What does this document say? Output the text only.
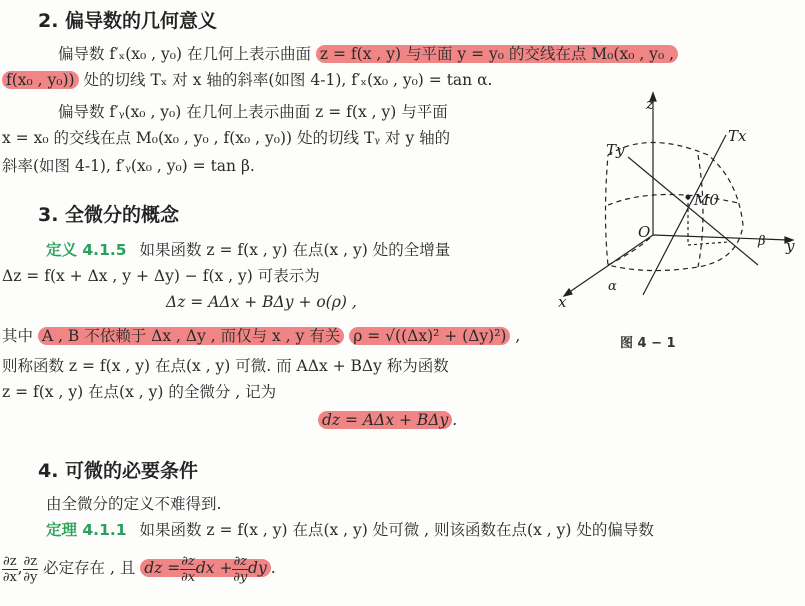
2. 偏导数的几何意义
偏导数 f′ₓ(x₀ , y₀) 在几何上表示曲面 z = f(x , y) 与平面 y = y₀ 的交线在点 M₀(x₀ , y₀ ,
f(x₀ , y₀)) 处的切线 Tₓ 对 x 轴的斜率(如图 4-1), f′ₓ(x₀ , y₀) = tan α.
偏导数 f′ᵧ(x₀ , y₀) 在几何上表示曲面 z = f(x , y) 与平面
x = x₀ 的交线在点 M₀(x₀ , y₀ , f(x₀ , y₀)) 处的切线 Tᵧ 对 y 轴的
斜率(如图 4-1), f′ᵧ(x₀ , y₀) = tan β.
3. 全微分的概念
定义 4.1.5 如果函数 z = f(x , y) 在点(x , y) 处的全增量
Δz = f(x + Δx , y + Δy) − f(x , y) 可表示为
Δz = AΔx + BΔy + o(ρ) ,
其中 A , B 不依赖于 Δx , Δy , 而仅与 x , y 有关 ρ = √((Δx)² + (Δy)²) ,
则称函数 z = f(x , y) 在点(x , y) 可微. 而 AΔx + BΔy 称为函数
z = f(x , y) 在点(x , y) 的全微分 , 记为
dz = AΔx + BΔy .
4. 可微的必要条件
由全微分的定义不难得到.
定理 4.1.1 如果函数 z = f(x , y) 在点(x , y) 处可微 , 则该函数在点(x , y) 处的偏导数
$\frac{\partial z}{\partial x}$ , $\frac{\partial z}{\partial y}$ 必定存在 , 且 dz = $\frac{\partial z}{\partial x}$ dx + $\frac{\partial z}{\partial y}$ dy .
z
y
x
O
Tx
Ty
M0
α
β
图 4 − 1
